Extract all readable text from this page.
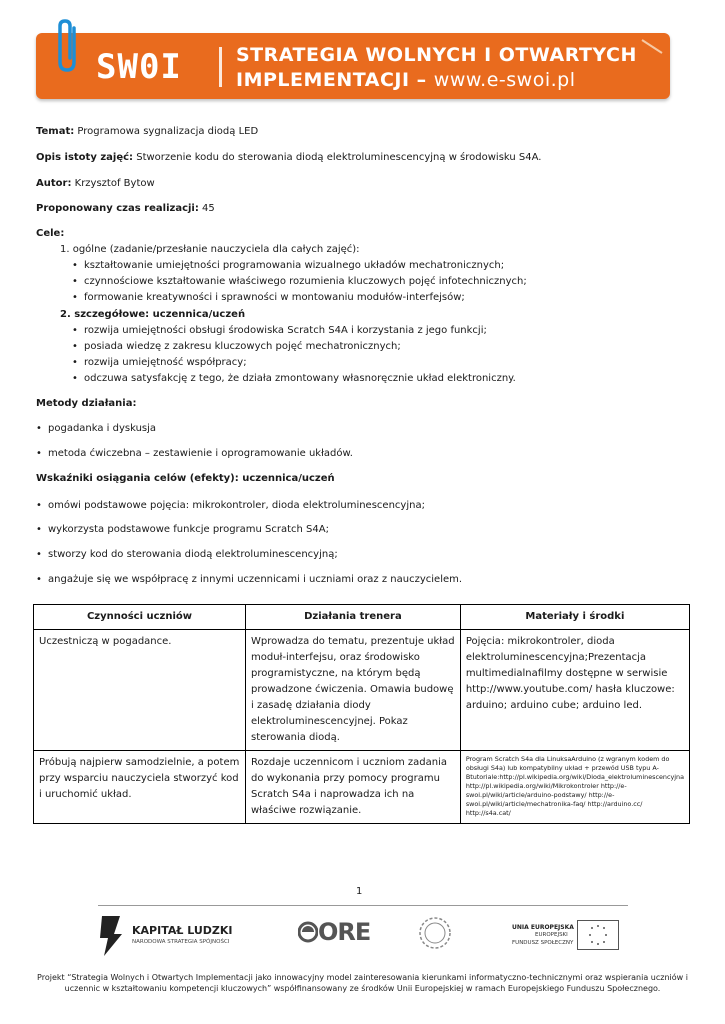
SW0I	STRATEGIA WOLNYCH I OTWARTYCH
IMPLEMENTACJI – www.e-swoi.pl
Temat: Programowa sygnalizacja diodą LED
Opis istoty zajęć: Stworzenie kodu do sterowania diodą elektroluminescencyjną w środowisku S4A.
Autor: Krzysztof Bytow
Proponowany czas realizacji: 45
Cele:
1. ogólne (zadanie/przesłanie nauczyciela dla całych zajęć):
• kształtowanie umiejętności programowania wizualnego układów mechatronicznych;
• czynnościowe kształtowanie właściwego rozumienia kluczowych pojęć infotechnicznych;
• formowanie kreatywności i sprawności w montowaniu modułów-interfejsów;
2. szczegółowe: uczennica/uczeń
• rozwija umiejętności obsługi środowiska Scratch S4A i korzystania z jego funkcji;
• posiada wiedzę z zakresu kluczowych pojęć mechatronicznych;
• rozwija umiejętność współpracy;
• odczuwa satysfakcję z tego, że działa zmontowany własnoręcznie układ elektroniczny.
Metody działania:
• pogadanka i dyskusja
• metoda ćwiczebna – zestawienie i oprogramowanie układów.
Wskaźniki osiągania celów (efekty): uczennica/uczeń
• omówi podstawowe pojęcia: mikrokontroler, dioda elektroluminescencyjna;
• wykorzysta podstawowe funkcje programu Scratch S4A;
• stworzy kod do sterowania diodą elektroluminescencyjną;
• angażuje się we współpracę z innymi uczennicami i uczniami oraz z nauczycielem.
Czynności uczniów	Działania trenera	Materiały i środki
Uczestniczą w pogadance.	Wprowadza do tematu, prezentuje układ moduł-interfejsu, oraz środowisko programistyczne, na którym będą prowadzone ćwiczenia. Omawia budowę i zasadę działania diody elektroluminescencyjnej. Pokaz sterowania diodą.	Pojęcia: mikrokontroler, dioda elektroluminescencyjna;Prezentacja multimedialnafilmy dostępne w serwisie http://www.youtube.com/ hasła kluczowe: arduino; arduino cube; arduino led.
Próbują najpierw samodzielnie, a potem przy wsparciu nauczyciela stworzyć kod i uruchomić układ.	Rozdaje uczennicom i uczniom zadania do wykonania przy pomocy programu Scratch S4a i naprowadza ich na właściwe rozwiązanie.	Program Scratch S4a dla LinuksaArduino (z wgranym kodem do obsługi S4a) lub kompatybilny układ + przewód USB typu A-Btutoriale:http://pl.wikipedia.org/wiki/Dioda_elektroluminescencyjna http://pl.wikipedia.org/wiki/Mikrokontroler http://e-swoi.pl/wiki/article/arduino-podstawy/ http://e-swoi.pl/wiki/article/mechatronika-faq/ http://arduino.cc/ http://s4a.cat/
1
KAPITAŁ LUDZKI
NARODOWA STRATEGIA SPÓJNOŚCI	ORE	UNIA EUROPEJSKA
EUROPEJSKI
FUNDUSZ SPOŁECZNY
Projekt “Strategia Wolnych i Otwartych Implementacji jako innowacyjny model zainteresowania kierunkami informatyczno-technicznymi oraz wspierania uczniów i uczennic w kształtowaniu kompetencji kluczowych” współfinansowany ze środków Unii Europejskiej w ramach Europejskiego Funduszu Społecznego.
